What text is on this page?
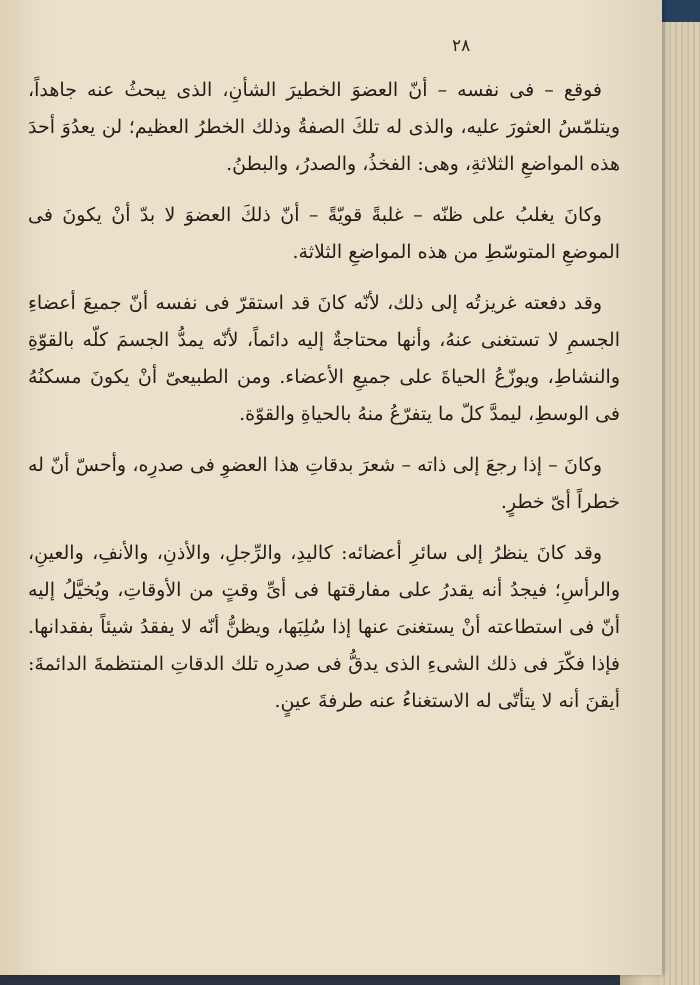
٢٨

فوقع – فى نفسه – أنّ العضوَ الخطيرَ الشأنِ، الذى يبحثُ عنه جاهداً، ويتلمّسُ العثورَ عليه، والذى له تلكَ الصفةُ وذلك الخطرُ العظيم؛ لن يعدُوَ أحدَ هذه المواضعِ الثلاثةِ، وهى: الفخذُ، والصدرُ، والبطنُ.

وكانَ يغلبُ على ظنّه – غلبةً قويّةً – أنّ ذلكَ العضوَ لا بدّ أنْ يكونَ فى الموضعِ المتوسّطِ من هذه المواضعِ الثلاثة.

وقد دفعته غريزتُه إلى ذلك، لأنّه كانَ قد استقرّ فى نفسه أنّ جميعَ أعضاءِ الجسمِ لا تستغنى عنهُ، وأنها محتاجةٌ إليه دائماً، لأنّه يمدُّ الجسمَ كلّه بالقوّةِ والنشاطِ، ويوزّعُ الحياةَ على جميعِ الأعضاء. ومن الطبيعىّ أنْ يكونَ مسكنُهُ فى الوسطِ، ليمدَّ كلّ ما يتفرّعُ منهُ بالحياةِ والقوّة.

وكانَ – إذا رجعَ إلى ذاته – شعرَ بدقاتِ هذا العضوِ فى صدرِه، وأحسّ أنّ له خطراً أىّ خطرٍ.

وقد كانَ ينظرُ إلى سائرِ أعضائه: كاليدِ، والرِّجلِ، والأذنِ، والأنفِ، والعينِ، والرأسِ؛ فيجدُ أنه يقدرُ على مفارقتها فى أىِّ وقتٍ من الأوقاتِ، ويُخيَّلُ إليه أنّ فى استطاعته أنْ يستغنىَ عنها إذا سُلِبَها، ويظنُّ أنّه لا يفقدُ شيئاً بفقدانها. فإذا فكّرَ فى ذلك الشىءِ الذى يدقُّ فى صدرِه تلك الدقاتِ المنتظمةَ الدائمةَ: أيقنَ أنه لا يتأتّى له الاستغناءُ عنه طرفةَ عينٍ.
